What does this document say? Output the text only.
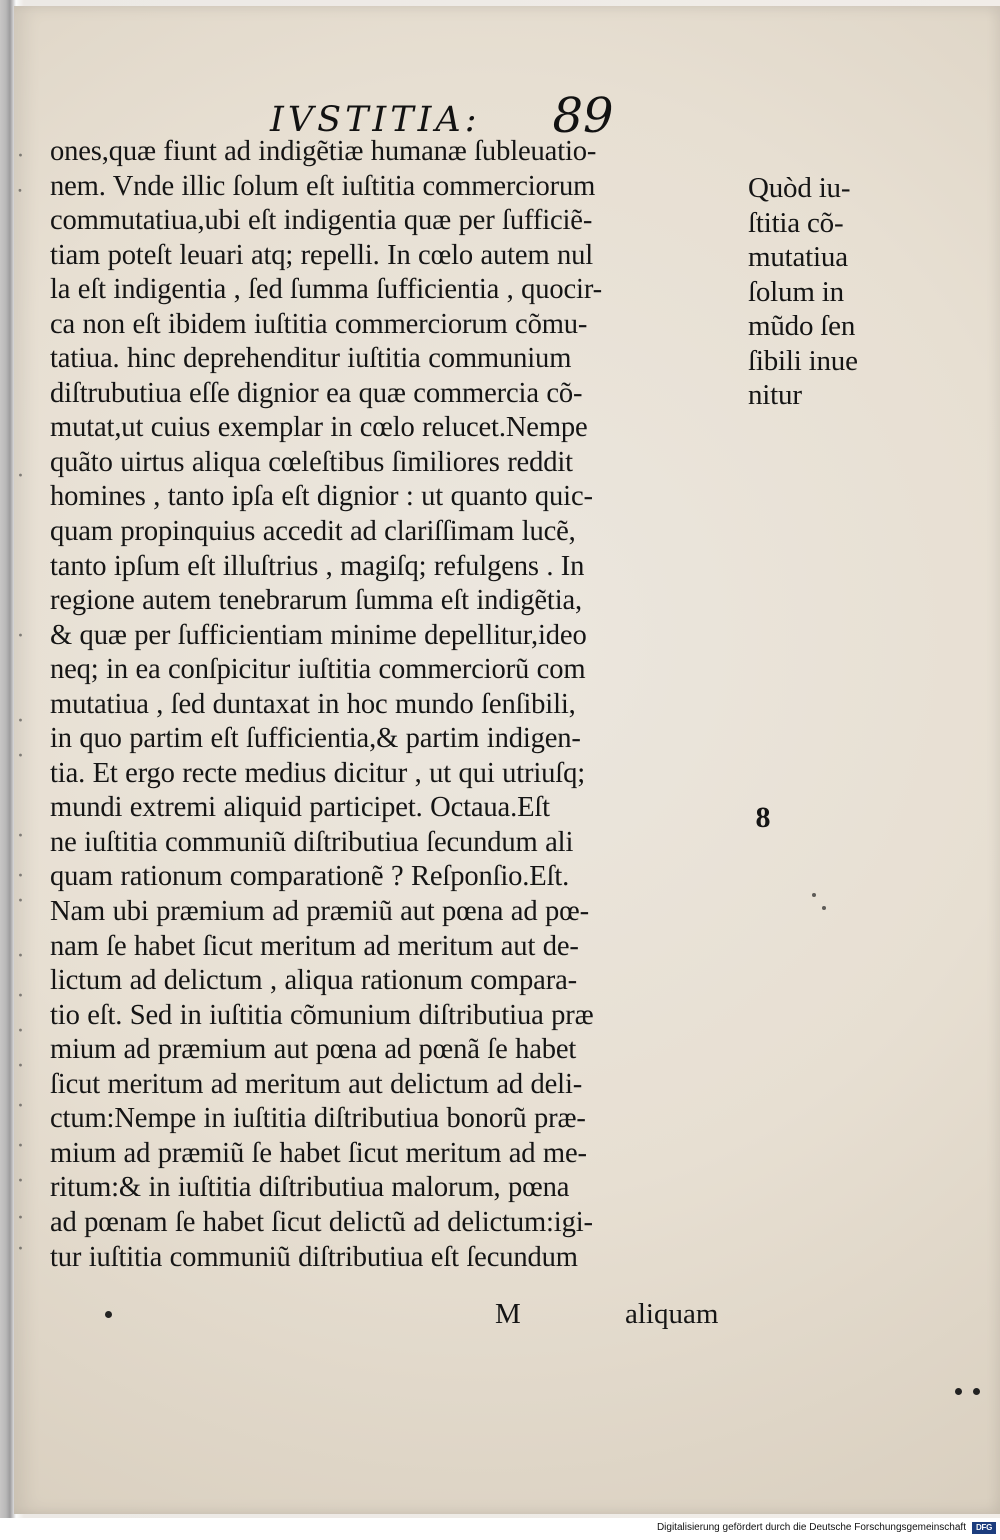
·
⸱
·
·
·
·
·
·
·
·
·
·
·
·
·
·
·
·
IVSTITIA: 89
ones,quæ fiunt ad indigẽtiæ humanæ ſubleuatio-
nem. Vnde illic ſolum eſt iuſtitia commerciorum
commutatiua,ubi eſt indigentia quæ per ſufficiẽ-
tiam poteſt leuari atq; repelli. In cœlo autem nul
la eſt indigentia , ſed ſumma ſufficientia , quocir-
ca non eſt ibidem iuſtitia commerciorum cõmu-
tatiua. hinc deprehenditur iuſtitia communium
diſtrubutiua eſſe dignior ea quæ commercia cõ-
mutat,ut cuius exemplar in cœlo relucet.Nempe
quãto uirtus aliqua cœleſtibus ſimiliores reddit
homines , tanto ipſa eſt dignior : ut quanto quic-
quam propinquius accedit ad clariſſimam lucẽ,
tanto ipſum eſt illuſtrius , magiſq; refulgens . In
regione autem tenebrarum ſumma eſt indigẽtia,
& quæ per ſufficientiam minime depellitur,ideo
neq; in ea conſpicitur iuſtitia commerciorũ com
mutatiua , ſed duntaxat in hoc mundo ſenſibili,
in quo partim eſt ſufficientia,& partim indigen-
tia. Et ergo recte medius dicitur , ut qui utriuſq;
mundi extremi aliquid participet. Octaua.Eſt
ne iuſtitia communiũ diſtributiua ſecundum ali
quam rationum comparationẽ ? Reſponſio.Eſt.
Nam ubi præmium ad præmiũ aut pœna ad pœ-
nam ſe habet ſicut meritum ad meritum aut de-
lictum ad delictum , aliqua rationum compara-
tio eſt. Sed in iuſtitia cõmunium diſtributiua præ
mium ad præmium aut pœna ad pœnã ſe habet
ſicut meritum ad meritum aut delictum ad deli-
ctum:Nempe in iuſtitia diſtributiua bonorũ præ-
mium ad præmiũ ſe habet ſicut meritum ad me-
ritum:& in iuſtitia diſtributiua malorum, pœna
ad pœnam ſe habet ſicut delictũ ad delictum:igi-
tur iuſtitia communiũ diſtributiua eſt ſecundum
Quòd iu-
ſtitia cõ-
mutatiua
ſolum in
mũdo ſen
ſibili inue
nitur
8
M	aliquam
Digitalisierung gefördert durch die Deutsche Forschungsgemeinschaft	DFG
